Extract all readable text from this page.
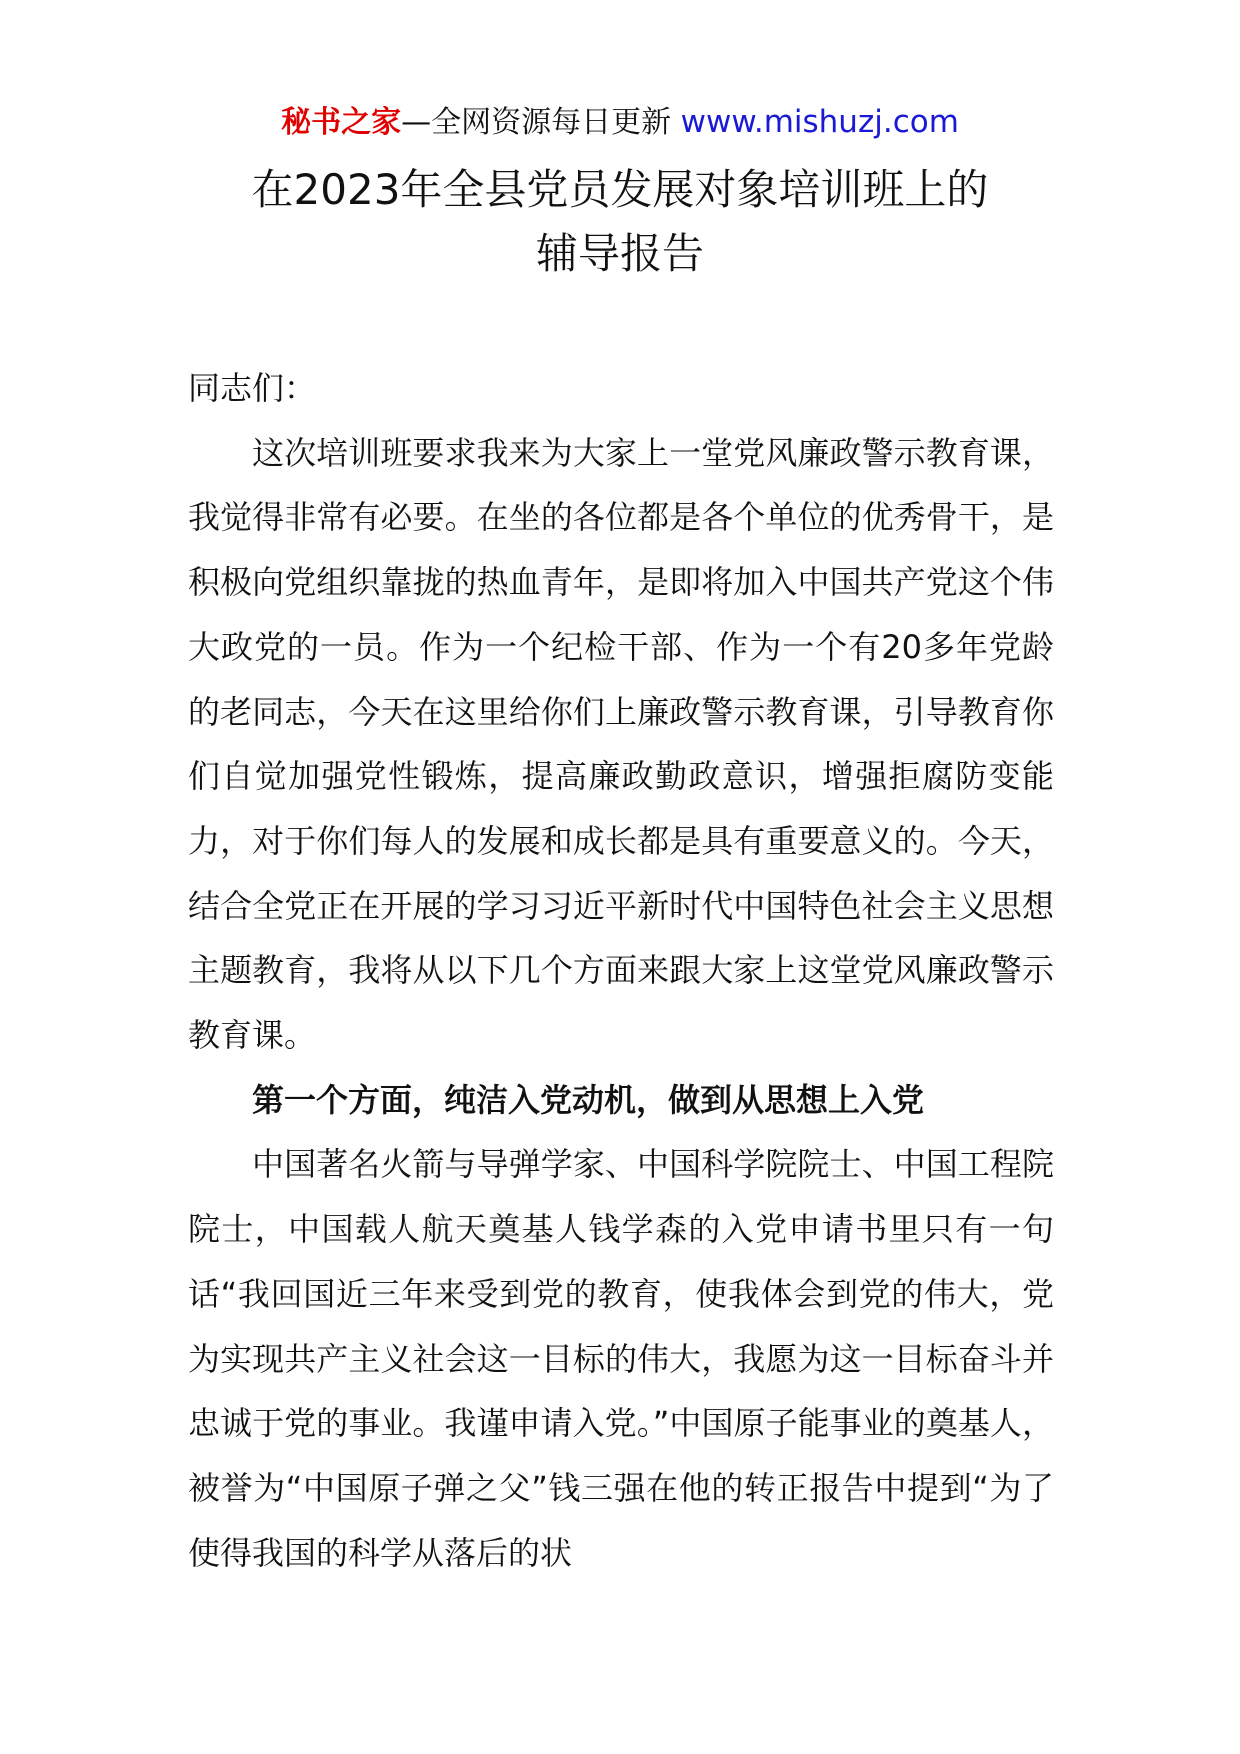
秘书之家—全网资源每日更新 www.mishuzj.com
在2023年全县党员发展对象培训班上的
辅导报告

同志们：

这次培训班要求我来为大家上一堂党风廉政警示教育课，我觉得非常有必要。在坐的各位都是各个单位的优秀骨干，是积极向党组织靠拢的热血青年，是即将加入中国共产党这个伟大政党的一员。作为一个纪检干部、作为一个有20多年党龄的老同志，今天在这里给你们上廉政警示教育课，引导教育你们自觉加强党性锻炼，提高廉政勤政意识，增强拒腐防变能力，对于你们每人的发展和成长都是具有重要意义的。今天，结合全党正在开展的学习习近平新时代中国特色社会主义思想主题教育，我将从以下几个方面来跟大家上这堂党风廉政警示教育课。

第一个方面，纯洁入党动机，做到从思想上入党

中国著名火箭与导弹学家、中国科学院院士、中国工程院院士，中国载人航天奠基人钱学森的入党申请书里只有一句话“我回国近三年来受到党的教育，使我体会到党的伟大，党为实现共产主义社会这一目标的伟大，我愿为这一目标奋斗并忠诚于党的事业。我谨申请入党。”中国原子能事业的奠基人，被誉为“中国原子弹之父”钱三强在他的转正报告中提到“为了使得我国的科学从落后的状
